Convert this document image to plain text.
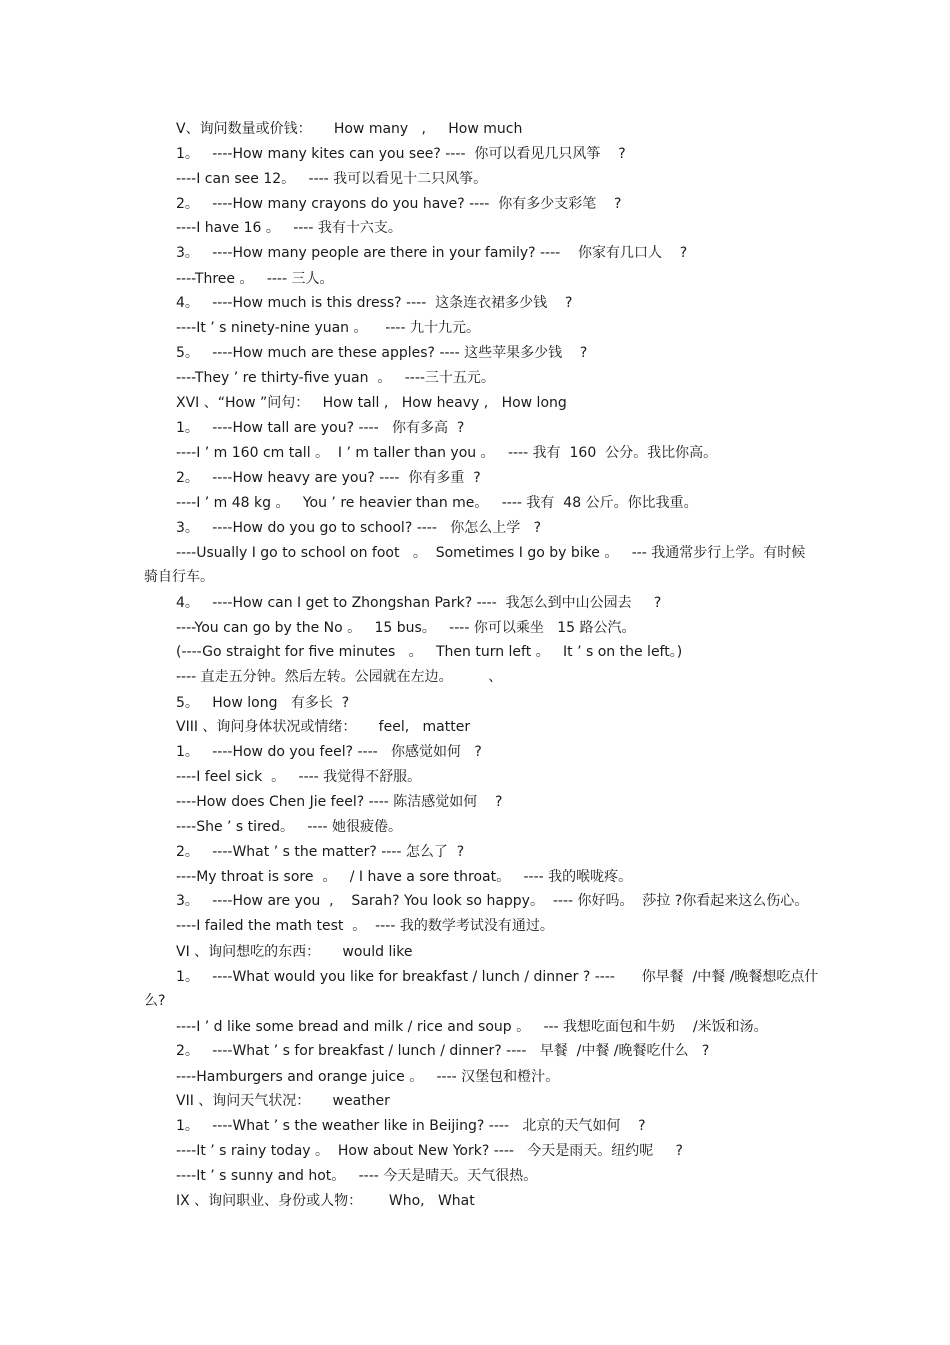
V、询问数量或价钱：     How many   ,     How much
1。   ----How many kites can you see? ----  你可以看见几只风筝    ?
----I can see 12。   ---- 我可以看见十二只风筝。
2。   ----How many crayons do you have? ----  你有多少支彩笔    ?
----I have 16 。   ---- 我有十六支。
3。   ----How many people are there in your family? ----    你家有几口人    ?
----Three 。   ---- 三人。
4。   ----How much is this dress? ----  这条连衣裙多少钱    ?
----It ’ s ninety-nine yuan 。    ---- 九十九元。
5。   ----How much are these apples? ---- 这些苹果多少钱    ?
----They ’ re thirty-five yuan  。   ----三十五元。
XVI 、“How ”问句：   How tall ,   How heavy ,   How long
1。   ----How tall are you? ----   你有多高  ?
----I ’ m 160 cm tall 。  I ’ m taller than you 。   ---- 我有  160  公分。我比你高。
2。   ----How heavy are you? ----  你有多重  ?
----I ’ m 48 kg 。   You ’ re heavier than me。   ---- 我有  48 公斤。你比我重。
3。   ----How do you go to school? ----   你怎么上学   ?
----Usually I go to school on foot   。  Sometimes I go by bike 。   --- 我通常步行上学。有时候
骑自行车。
4。   ----How can I get to Zhongshan Park? ----  我怎么到中山公园去     ?
----You can go by the No 。   15 bus。   ---- 你可以乘坐   15 路公汽。
(----Go straight for five minutes   。   Then turn left 。   It ’ s on the left。)
---- 直走五分钟。然后左转。公园就在左边。        、
5。   How long   有多长  ?
VIII 、询问身体状况或情绪：     feel,   matter
1。   ----How do you feel? ----   你感觉如何   ?
----I feel sick  。   ---- 我觉得不舒服。
----How does Chen Jie feel? ---- 陈洁感觉如何    ?
----She ’ s tired。   ---- 她很疲倦。
2。   ----What ’ s the matter? ---- 怎么了  ?
----My throat is sore  。   / I have a sore throat。   ---- 我的喉咙疼。
3。   ----How are you  ,    Sarah? You look so happy。  ---- 你好吗。  莎拉 ?你看起来这么伤心。
----I failed the math test  。  ---- 我的数学考试没有通过。
VI 、询问想吃的东西：     would like
1。   ----What would you like for breakfast / lunch / dinner ? ----      你早餐  /中餐 /晚餐想吃点什
么?
----I ’ d like some bread and milk / rice and soup 。   --- 我想吃面包和牛奶    /米饭和汤。
2。   ----What ’ s for breakfast / lunch / dinner? ----   早餐  /中餐 /晚餐吃什么   ?
----Hamburgers and orange juice 。   ---- 汉堡包和橙汁。
VII 、询问天气状况：     weather
1。   ----What ’ s the weather like in Beijing? ----   北京的天气如何    ?
----It ’ s rainy today 。  How about New York? ----   今天是雨天。纽约呢     ?
----It ’ s sunny and hot。   ---- 今天是晴天。天气很热。
IX 、询问职业、身份或人物：      Who,   What
